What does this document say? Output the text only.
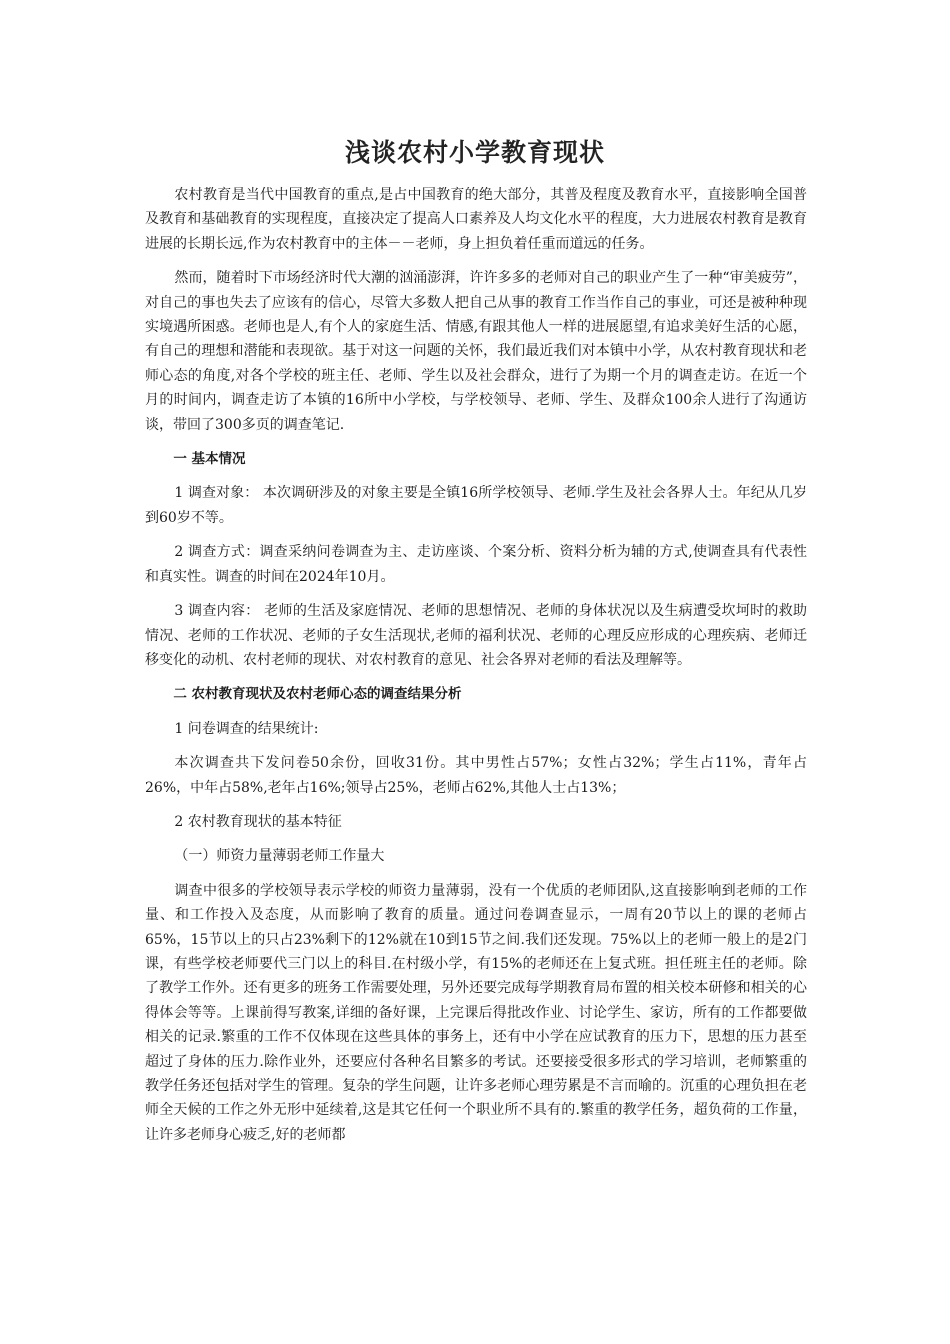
浅谈农村小学教育现状

农村教育是当代中国教育的重点,是占中国教育的绝大部分，其普及程度及教育水平，直接影响全国普及教育和基础教育的实现程度，直接决定了提高人口素养及人均文化水平的程度，大力进展农村教育是教育进展的长期长远,作为农村教育中的主体－－老师，身上担负着任重而道远的任务。

然而，随着时下市场经济时代大潮的汹涌澎湃，许许多多的老师对自己的职业产生了一种“审美疲劳”，对自己的事也失去了应该有的信心，尽管大多数人把自己从事的教育工作当作自己的事业，可还是被种种现实境遇所困惑。老师也是人,有个人的家庭生活、情感,有跟其他人一样的进展愿望,有追求美好生活的心愿，有自己的理想和潜能和表现欲。基于对这一问题的关怀，我们最近我们对本镇中小学，从农村教育现状和老师心态的角度,对各个学校的班主任、老师、学生以及社会群众，进行了为期一个月的调查走访。在近一个月的时间内，调查走访了本镇的16所中小学校，与学校领导、老师、学生、及群众100余人进行了沟通访谈，带回了300多页的调查笔记.

一 基本情况

1 调查对象： 本次调研涉及的对象主要是全镇16所学校领导、老师.学生及社会各界人士。年纪从几岁到60岁不等。

2 调查方式：调查采纳问卷调查为主、走访座谈、个案分析、资料分析为辅的方式,使调查具有代表性和真实性。调查的时间在2024年10月。

3 调查内容： 老师的生活及家庭情况、老师的思想情况、老师的身体状况以及生病遭受坎坷时的救助情况、老师的工作状况、老师的子女生活现状,老师的福利状况、老师的心理反应形成的心理疾病、老师迁移变化的动机、农村老师的现状、对农村教育的意见、社会各界对老师的看法及理解等。

二 农村教育现状及农村老师心态的调查结果分析

1 问卷调查的结果统计:

本次调查共下发问卷50余份，回收31份。其中男性占57%；女性占32%；学生占11%，青年占26%，中年占58%,老年占16%;领导占25%，老师占62%,其他人士占13%；

2 农村教育现状的基本特征

（一）师资力量薄弱老师工作量大

调查中很多的学校领导表示学校的师资力量薄弱，没有一个优质的老师团队,这直接影响到老师的工作量、和工作投入及态度，从而影响了教育的质量。通过问卷调查显示，一周有20节以上的课的老师占65%，15节以上的只占23%剩下的12%就在10到15节之间.我们还发现。75%以上的老师一般上的是2门课，有些学校老师要代三门以上的科目.在村级小学，有15%的老师还在上复式班。担任班主任的老师。除了教学工作外。还有更多的班务工作需要处理，另外还要完成每学期教育局布置的相关校本研修和相关的心得体会等等。上课前得写教案,详细的备好课，上完课后得批改作业、讨论学生、家访，所有的工作都要做相关的记录.繁重的工作不仅体现在这些具体的事务上，还有中小学在应试教育的压力下，思想的压力甚至超过了身体的压力.除作业外，还要应付各种名目繁多的考试。还要接受很多形式的学习培训，老师繁重的教学任务还包括对学生的管理。复杂的学生问题，让许多老师心理劳累是不言而喻的。沉重的心理负担在老师全天候的工作之外无形中延续着,这是其它任何一个职业所不具有的.繁重的教学任务，超负荷的工作量，让许多老师身心疲乏,好的老师都
